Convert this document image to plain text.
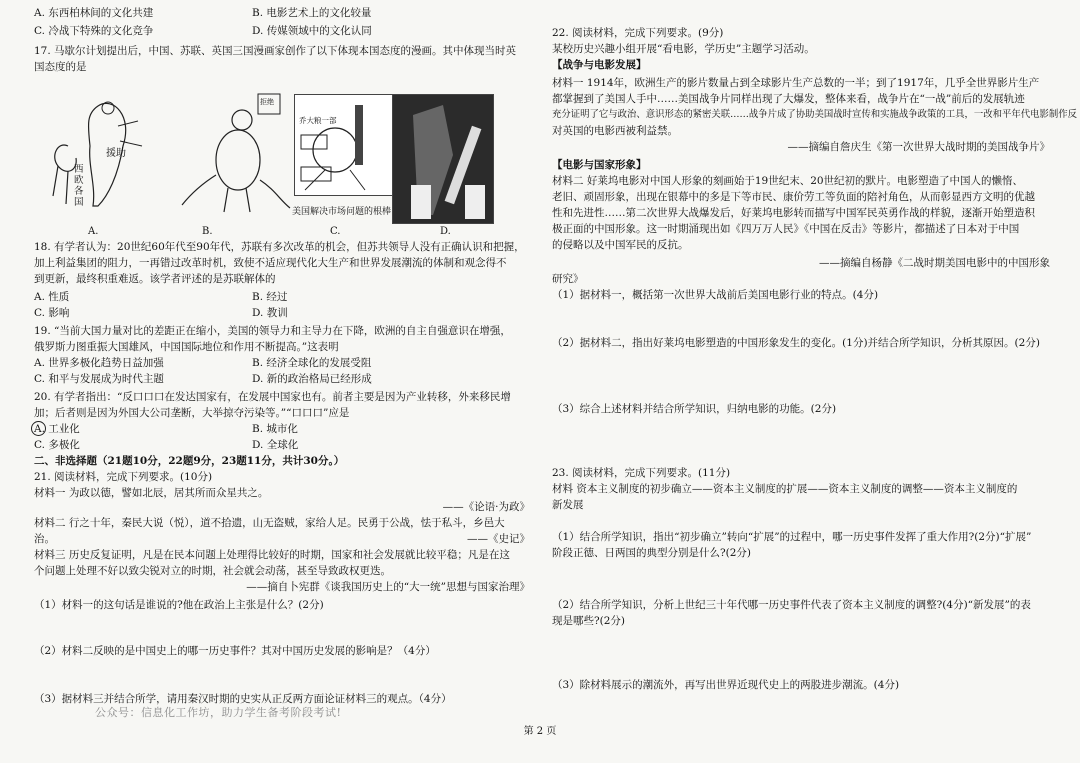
A. 东西柏林间的文化共建	B. 电影艺术上的文化较量
C. 冷战下特殊的文化竞争	D. 传媒领域中的文化认同
17. 马歇尔计划提出后，中国、苏联、英国三国漫画家创作了以下体现本国态度的漫画。其中体现当时英
国态度的是
援助
西欧各国
拒绝
乔大粮一部
美国解决市场问题的根棒
A.	B.	C.	D.
18. 有学者认为：20世纪60年代至90年代，苏联有多次改革的机会，但苏共领导人没有正确认识和把握，
加上利益集团的阻力，一再错过改革时机，致使不适应现代化大生产和世界发展潮流的体制和观念得不
到更新，最终积重难返。该学者评述的是苏联解体的
A. 性质	B. 经过
C. 影响	D. 教训
19. “当前大国力量对比的差距正在缩小，美国的领导力和主导力在下降，欧洲的自主自强意识在增强，
俄罗斯力图重振大国雄风，中国国际地位和作用不断提高。”这表明
A. 世界多极化趋势日益加强	B. 经济全球化的发展受阻
C. 和平与发展成为时代主题	D. 新的政治格局已经形成
20. 有学者指出：“反口口口在发达国家有，在发展中国家也有。前者主要是因为产业转移，外来移民增
加；后者则是因为外国大公司垄断，大举掠夺污染等。”“口口口”应是
A. 工业化	B. 城市化
C. 多极化	D. 全球化
二、非选择题（21题10分，22题9分，23题11分，共计30分。）
21. 阅读材料，完成下列要求。(10分)
材料一 为政以德，譬如北辰，居其所而众星共之。
——《论语·为政》
材料二 行之十年，秦民大说（悦），道不拾遗，山无盗贼，家给人足。民勇于公战，怯于私斗，乡邑大
治。	——《史记》
材料三 历史反复证明，凡是在民本问题上处理得比较好的时期，国家和社会发展就比较平稳；凡是在这
个问题上处理不好以致尖锐对立的时期，社会就会动荡，甚至导致政权更迭。
——摘自卜宪群《谈我国历史上的“大一统”思想与国家治理》
（1）材料一的这句话是谁说的?他在政治上主张是什么？(2分)
（2）材料二反映的是中国史上的哪一历史事件？其对中国历史发展的影响是？（4分）
（3）据材料三并结合所学，请用秦汉时期的史实从正反两方面论证材料三的观点。（4分）
公众号：信息化工作坊，助力学生备考阶段考试!
22. 阅读材料，完成下列要求。(9分)
某校历史兴趣小组开展“看电影，学历史”主题学习活动。
【战争与电影发展】
材料一 1914年，欧洲生产的影片数量占到全球影片生产总数的一半；到了1917年，几乎全世界影片生产
都掌握到了美国人手中……美国战争片同样出现了大爆发，整体来看，战争片在“一战”前后的发展轨迹
充分证明了它与政治、意识形态的紧密关联……战争片成了协助美国战时宣传和实施战争政策的工具，一改和平年代电影制作反
对英国的电影西被利益禁。
——摘编自詹庆生《第一次世界大战时期的美国战争片》
【电影与国家形象】
材料二 好莱坞电影对中国人形象的刻画始于19世纪末、20世纪初的默片。电影塑造了中国人的懒惰、
老旧、顽固形象，出现在银幕中的多是下等市民、康价劳工等负面的陪衬角色，从而彰显西方文明的优越
性和先进性……第二次世界大战爆发后，好莱坞电影转而描写中国军民英勇作战的样貌，逐渐开始塑造积
极正面的中国形象。这一时期涌现出如《四万万人民》《中国在反击》等影片，都描述了日本对于中国
的侵略以及中国军民的反抗。
——摘编自杨静《二战时期美国电影中的中国形象
研究》
（1）据材料一，概括第一次世界大战前后美国电影行业的特点。(4分)
（2）据材料二，指出好莱坞电影塑造的中国形象发生的变化。(1分)并结合所学知识，分析其原因。(2分)
（3）综合上述材料并结合所学知识，归纳电影的功能。(2分)
23. 阅读材料，完成下列要求。(11分)
材料 资本主义制度的初步确立——资本主义制度的扩展——资本主义制度的调整——资本主义制度的
新发展
（1）结合所学知识，指出“初步确立”转向“扩展”的过程中，哪一历史事件发挥了重大作用?(2分)“扩展”
阶段正德、日两国的典型分别是什么?(2分)
（2）结合所学知识，分析上世纪三十年代哪一历史事件代表了资本主义制度的调整?(4分)“新发展”的表
现是哪些?(2分)
（3）除材料展示的潮流外，再写出世界近现代史上的两股进步潮流。(4分)
第 2 页
